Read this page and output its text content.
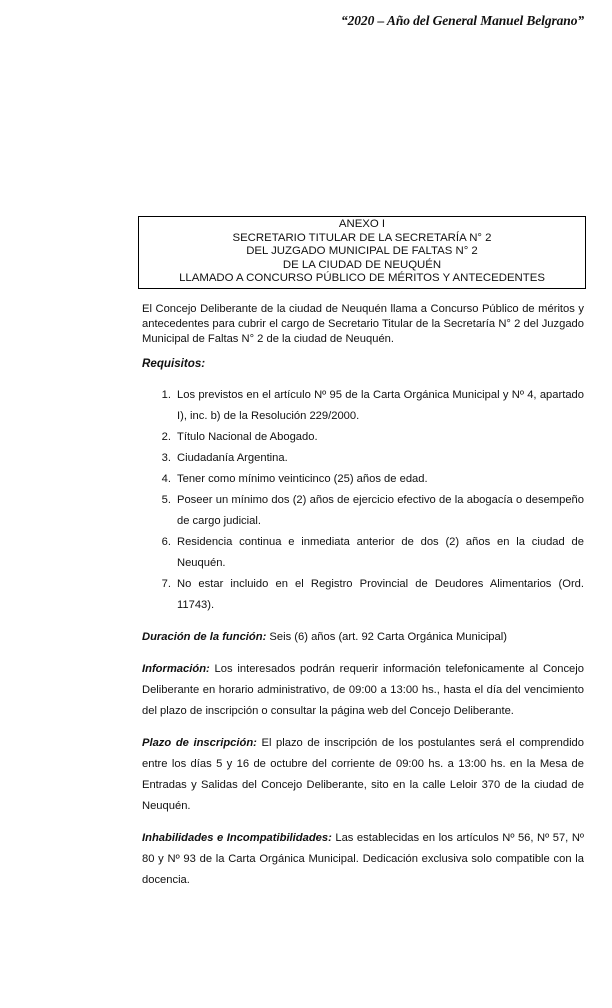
“2020 – Año del General Manuel Belgrano”
ANEXO I
SECRETARIO TITULAR DE LA SECRETARÍA N° 2
DEL JUZGADO MUNICIPAL DE FALTAS N° 2
DE LA CIUDAD DE NEUQUÉN
LLAMADO A CONCURSO PÚBLICO DE MÉRITOS Y ANTECEDENTES

El Concejo Deliberante de la ciudad de Neuquén llama a Concurso Público de méritos y antecedentes para cubrir el cargo de Secretario Titular de la Secretaría N° 2 del Juzgado Municipal de Faltas N° 2 de la ciudad de Neuquén.

Requisitos:
1. Los previstos en el artículo Nº 95 de la Carta Orgánica Municipal y Nº 4, apartado I), inc. b) de la Resolución 229/2000.
2. Título Nacional de Abogado.
3. Ciudadanía Argentina.
4. Tener como mínimo veinticinco (25) años de edad.
5. Poseer un mínimo dos (2) años de ejercicio efectivo de la abogacía o desempeño de cargo judicial.
6. Residencia continua e inmediata anterior de dos (2) años en la ciudad de Neuquén.
7. No estar incluido en el Registro Provincial de Deudores Alimentarios (Ord. 11743).

Duración de la función: Seis (6) años (art. 92 Carta Orgánica Municipal)

Información: Los interesados podrán requerir información telefonicamente al Concejo Deliberante en horario administrativo, de 09:00 a 13:00 hs., hasta el día del vencimiento del plazo de inscripción o consultar la página web del Concejo Deliberante.

Plazo de inscripción: El plazo de inscripción de los postulantes será el comprendido entre los días 5 y 16 de octubre del corriente de 09:00 hs. a 13:00 hs. en la Mesa de Entradas y Salidas del Concejo Deliberante, sito en la calle Leloir 370 de la ciudad de Neuquén.

Inhabilidades e Incompatibilidades: Las establecidas en los artículos Nº 56, Nº 57, Nº 80 y Nº 93 de la Carta Orgánica Municipal. Dedicación exclusiva solo compatible con la docencia.
